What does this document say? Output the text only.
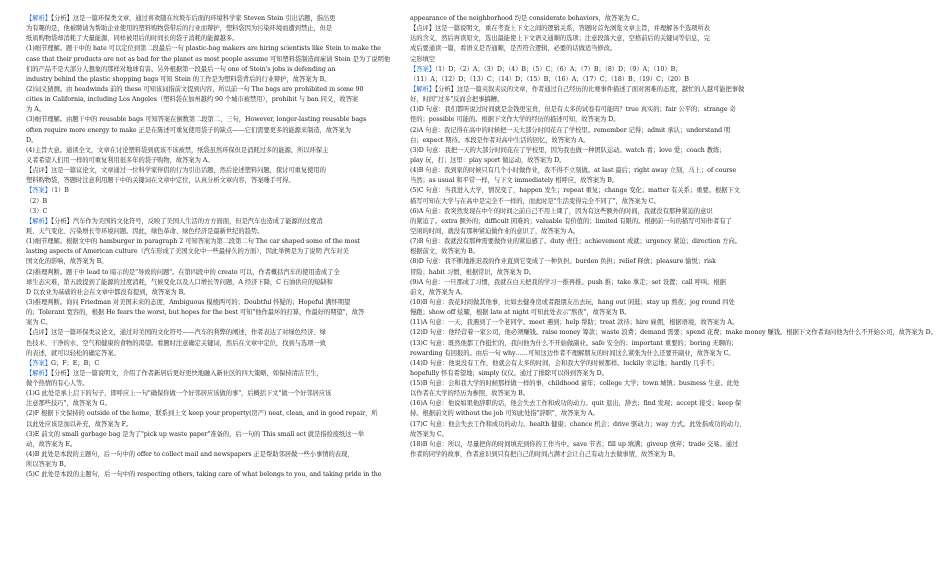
【解析】【分析】这是一篇环保类文章，通过喜欢随在垃圾车后面的环境科学家 Steven Stein 引出话题，指出更
为有趣的是，他被聘请为帮助企业使用的塑料购物袋带后的行业而辩护，塑料袋因为污染环境而遭到禁止，但是
纸质购物袋却消耗了大量能源，同样被用后的时间长的袋子消耗的能源越多。
(1)细节理解。题干中的 hate 可以定位到第二段最后一句 plastic-bag makers are hiring scientists like Stein to make the
case that their products are not as bad for the planet as most people assume 可知塑料袋制造商雇请 Stein 是为了说明他
们的产品不是大部分人想象的那样对地球有害。另外根据第一段最后一句 one of Stein's jobs is defending an
industry behind the plastic shopping bags 可知 Stein 的工作是为塑料袋背后的行业辩护，故答案为 B。
(2)词义猜测。由 headwinds 前的 these 可知该词指前文提到内容，所以前一句 The bags are prohibited in some 90
cities in California, including Los Angeles（塑料袋在加州越约 90 个城市被禁用），prohibit 与 ban 同义，故答案
为 A。
(3)细节理解。由题干中的 reusable bags 可知答案在倒数第二段第二、三句，However, longer-lasting reusable bags
often require more energy to make 正是在陈述可重复使用袋子的缺点——它们需要更多的能源来制造，故答案为
D。
(4)主旨大意。通读全文，文章在讨论塑料袋到底该不该被禁，纸袋虽然环保但是消耗过多的能源，所以环保主
义者希望人们用一样的可重复利用很多年的袋子购物，故答案为 A。
【点评】这是一篇议论文，文章通过一位科学家伴侣的行为引出话题，然后论述塑料问题，探讨可重复使用的
塑料购物袋，答题时注意利用题干中的关键词在文章中定位，认真分析文章内容，答案唾手可得。
【答案】（1）B
（2）B
（3）C
【解析】【分析】汽车作为美国的文化符号，反映了美国人生活的方方面面，但是汽车也造成了能源的过度消
耗、天气变化、污染增长等环境问题。因此，绿色革命、绿色经济是最新世纪的趋势。
(1)细节理解。根据文中的 hamburger in paragraph 2 可知答案为第二段第二句 The car shaped some of the most
lasting aspects of American culture（汽车形成了美国文化中一些最持久的方面），因此举例是为了说明 汽车对美
国文化的影响，故答案为 B。
(2)推理判断。题干中 lead to 暗示的是"导致的问题"。在第四段中的 create 可以，作者概括汽车的使用造成了全
球生态灾难，第五段提到了能源的过度消耗，气候变化以及人口增长等问题，A 经济下降，C 石油供应的短缺和
D 以农业为基础的社会在文章中都没有提到，故答案为 B。
(3)推理判断。询问 Friedman 对美国未来的态度，Ambiguous 模棱两可的；Doubtful 怀疑的；Hopeful 满怀期望
的；Tolerant 宽容的，根据 He fears the worst, but hopes for the best 可知"他作最坏的打算，作最好的期望"，故答
案为 C。
【点评】这是一篇环保类议论文，通过对美国的文化符号——汽车的利弊的阐述，作者表达了对绿色经济、绿
色技术、干净的水、空气和健康的食物的渴望。看题时注意确定关键词，然后在文章中定位，找到与选项一致
的表述，就可以轻松的确定答案。
【答案】G；F；E；B；C
【解析】【分析】这是一篇说明文，介绍了作者新居后更好更快地融入新社区的四大策略，如保持清洁卫生，
做个热情的有心人等。
(1)G 此处是承上启下的句子，即呼应上一句"确保你做一个好邻居应该做的事"，后概括下文"做一个好邻居应该
注意那些技巧"，故答案为 G。
(2)F 根据下文保持的 outside of the home，联系到上文 keep your property(房产) neat, clean, and in good repair，所
以此处应该是加以补充，故答案为 F。
(3)E 前文的 small garbage bag 是为了"pick up waste paper"准备的，后一句的 This small act 就是指捡废纸这一举
动，故答案为 E。
(4)B 此处是本段的主题句，后一句中的 offer to collect mail and newspapers 正是帮助邻居做一些小事情的表现，
所以答案为 B。
(5)C 此处是本段的主题句，后一句中的 respecting others, taking care of what belongs to you, and taking pride in the
appearance of the neighborhood 均是 considerate behaviors，故答案为 C。
【点评】这是一篇说明文，重在考查上下文之间的逻辑关系，答题时首先浏览文章主旨，并理解各个选项所表
达的含义，然后再读原文，选出最能使上下文语义通顺的选项；注意段落大意，空格前后的关键词等信息，完
成后要通读一篇，看语义是否通顺，是否符合逻辑，必要的话做适当修改。
完形填空
【答案】（1）D；（2）A；（3）D；（4）B；（5）C；（6）A；（7）B；（8）D；（9）A；（10）B；
（11）A；（12）D；（13）C；（14）D；（15）B；（16）A；（17）C；（18）B；（19）C；（20）B
【解析】【分析】这是一篇夹叙夹议的文章，作者通过自己经历的比赛事件描述了面对困难的态度，越忙的人越可能把事做
好，时间"过多"反而会把事搞糟。
(1)D 句意：我们都听说过时间就是金钱更宝贵，但是有太多的试卷有可能吗？true 真实的；fair 公平的；strange 奇
怪的；possible 可能的。根据下文作大学的经历的描述可知，故答案为 D。
(2)A 句意：我记得在高中的时候把一天大部分时间花在了学校里。remember 记得；admit 承认；understand 明
白；expect 期待。本段是作者对高中生活的回忆，故答案为 A。
(3)D 句意：我把一天的大部分时间花在了学校里，因为我也做一种团队运动。watch 看；love 爱；coach 教练；
play 玩，打；这里：play sport 做运动，故答案为 D。
(4)B 句意：我到家的时候只有几个小时做作业，我不得不立刻做。at last 最后；right away 立刻，马上；of course
当然；as usual 和平常一样，与下文 immediately 相呼应，故答案为 B。
(5)C 句意：当我进入大学，情况变了，happen 发生；repeat 重复；change 变化；matter 有关系；重要。根据下文
描写可知在大学与在高中是完全不一样的，而此时是"生活变得完全不同了"，故答案为 C。
(6)A 句意：我突然发现在中午的时间之前自己不用上课了，因为有这些额外的时间，我就没有那种紧迫的意识
的紧迫了。extra 额外的；difficult 困难的；valuable 有价值的；limited 有限的。根据前一句的描写可知作者有了
空闲的时间，就没有那种紧迫做作业的意识了，故答案为 A。
(7)B 句意：我就没有那种需要做作业的紧迫感了。duty 责任；achievement 成就；urgency 紧迫；direction 方向。
根据前文，故答案为 B。
(8)D 句意：我不断地推迟我的作业直到它变成了一种负担。burden 负担；relief 释放；pleasure 愉悦；risk
冒险；habit 习惯，根据常识，故答案为 D。
(9)A 句意：一旦那成了习惯，我就在白天把我的学习一推再推。push 推；take 拿走；set 设置；call 呼叫。根据
前文，故答案为 A。
(10)B 句意：我花时间做其他事，比如去健身房或者跟朋友出去玩，hang out 闲逛；stay up 熬夜；jog round 四处
慢跑；show off 炫耀，根据 late at night 可知此处表示"熬夜"，故答案为 B。
(11)A 句意：一天，我遇到了一个老同学。meet 遇到；help 帮助；treat 款待；hire 雇佣，根据语境，故答案为 A。
(12)D 句意：他经营着一家公司，他必须赚钱。raise money 筹款；waste 浪费；demand 需要；spend 花费；make money 赚钱。根据下文作者询问他为什么不开始公司，故答案为 D。
(13)C 句意：既然他都工作挺忙的，我问他为什么不开始做副业。safe 安全的；important 重要的；boring 无聊的；
rewarding 有回报的。由后一句 why……可知这边作者不理解朋友的时间这么紧张为什么还要开副业，故答案为 C。
(14)D 句意：他说没有工作，他就会有太多的时间，会和我大学的时候那样。luckily 幸运地；hardly 几乎不；
hopefully 怀有希望地；simply 仅仅。通过了排除可以得到答案为 D。
(15)B 句意：会和我大学的时候那样做一样的事，childhood 童年；college 大学；town 城镇；business 生意。此处
以作者在大学的经历为参照，故答案为 B。
(16)A 句意：他说如果他辞职的话，他会失去工作和成功的动力。quit 退出，辞去；find 发现；accept 接受；keep 保
持。根据前文的 without the job 可知此处指"辞职"，故答案为 A。
(17)C 句意：他会失去工作和成功的动力。health 健康；chance 机会；drive 驱动力；way 方式。此处指成功的动力，
故答案为 C。
(18)B 句意：所以，尽量把你的时间填充到你的工作当中。save 节省；fill up 填满；giveup 放弃；trade 交易。通过
作者的同学的故事，作者意识到只有把自己的时间占满才会让自己有动力去做事情，故答案为 B。
